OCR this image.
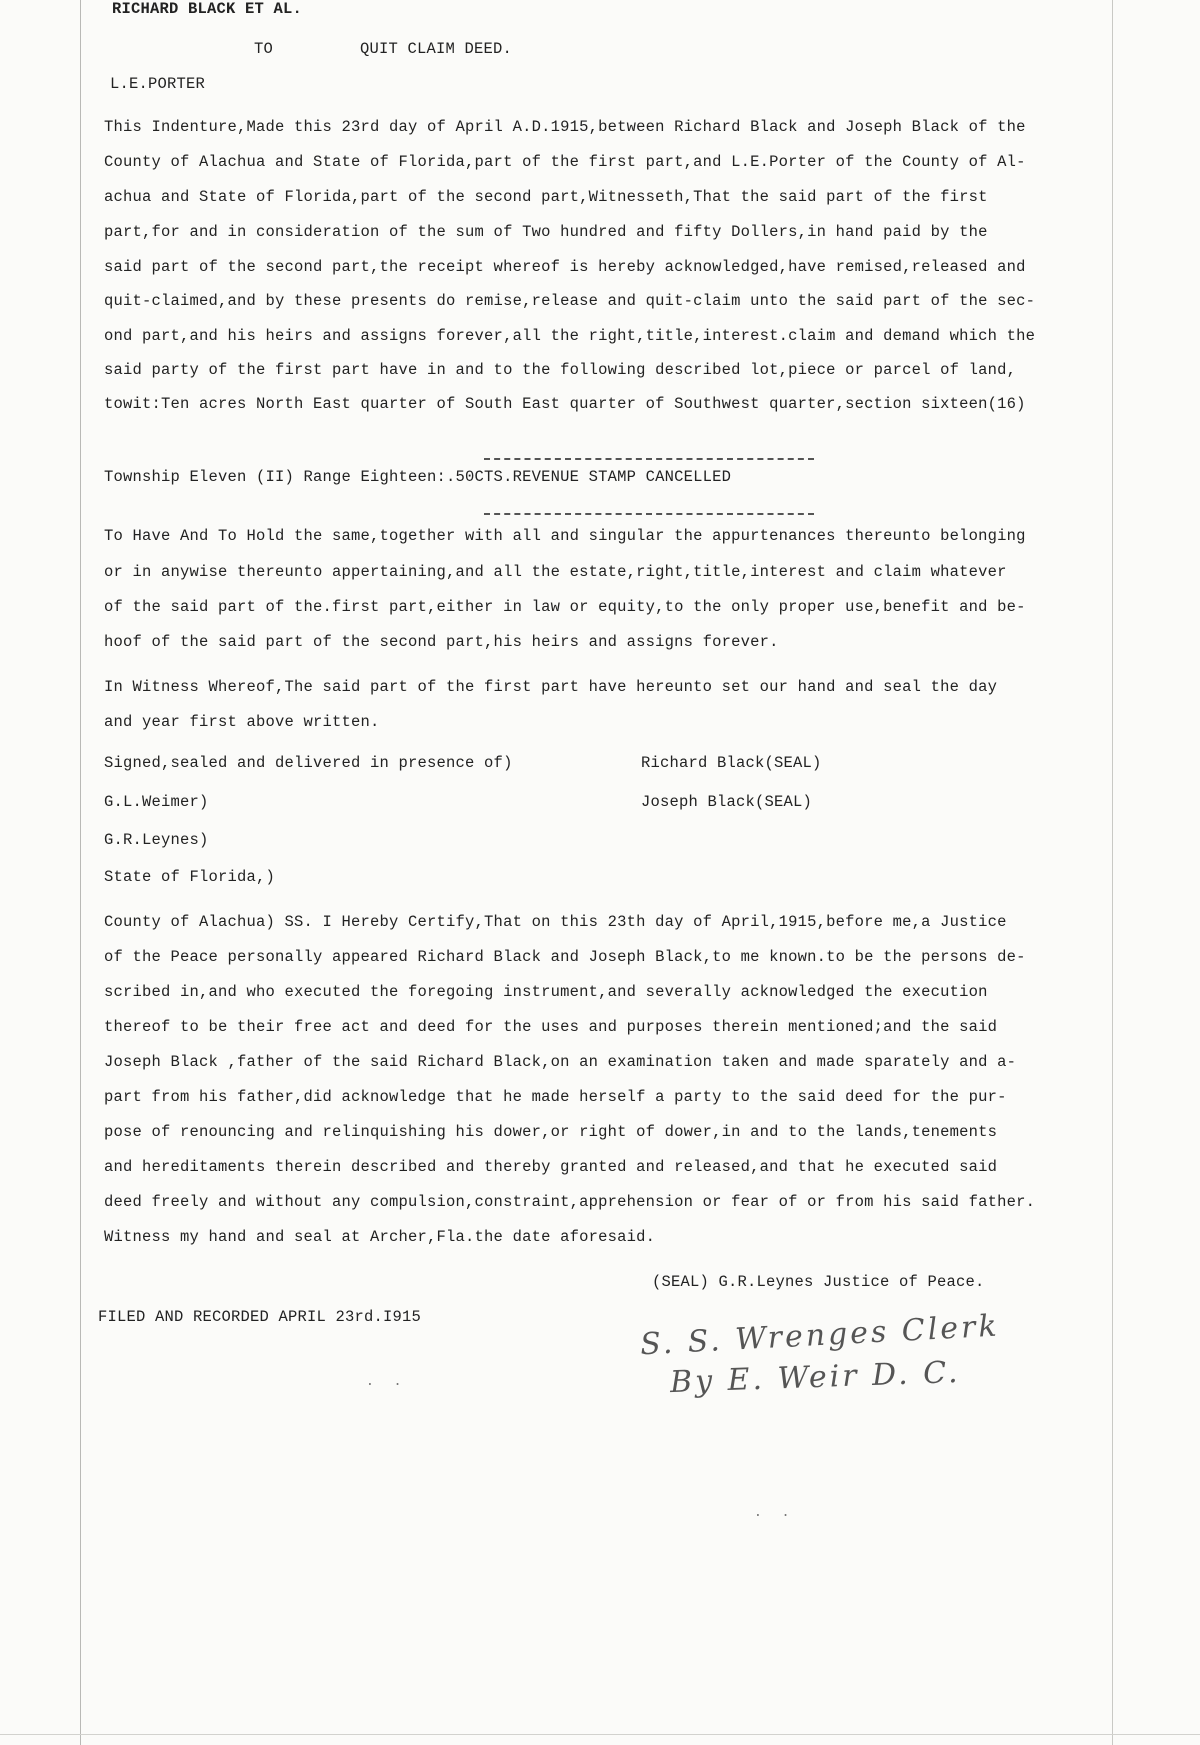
RICHARD BLACK ET AL.
TO	QUIT CLAIM DEED.
L.E.PORTER
This Indenture,Made this 23rd day of April A.D.1915,between Richard Black and Joseph Black of the
County of Alachua and State of Florida,part of the first part,and L.E.Porter of the County of Al-
achua and State of Florida,part of the second part,Witnesseth,That the said part of the first
part,for and in consideration of the sum of Two hundred and fifty Dollers,in hand paid by the
said part of the second part,the receipt whereof is hereby acknowledged,have remised,released and
quit-claimed,and by these presents do remise,release and quit-claim unto the said part of the sec-
ond part,and his heirs and assigns forever,all the right,title,interest.claim and demand which the
said party of the first part have in and to the following described lot,piece or parcel of land,
towit:Ten acres North East quarter of South East quarter of Southwest quarter,section sixteen(16)
Township Eleven (II) Range Eighteen:.50CTS.REVENUE STAMP CANCELLED
To Have And To Hold the same,together with all and singular the appurtenances thereunto belonging
or in anywise thereunto appertaining,and all the estate,right,title,interest and claim whatever
of the said part of the.first part,either in law or equity,to the only proper use,benefit and be-
hoof of the said part of the second part,his heirs and assigns forever.
In Witness Whereof,The said part of the first part have hereunto set our hand and seal the day
and year first above written.
Signed,sealed and delivered in presence of)	Richard Black(SEAL)
G.L.Weimer)	Joseph Black(SEAL)
G.R.Leynes)
State of Florida,)
County of Alachua) SS. I Hereby Certify,That on this 23th day of April,1915,before me,a Justice
of the Peace personally appeared Richard Black and Joseph Black,to me known.to be the persons de-
scribed in,and who executed the foregoing instrument,and severally acknowledged the execution
thereof to be their free act and deed for the uses and purposes therein mentioned;and the said
Joseph Black ,father of the said Richard Black,on an examination taken and made sparately and a-
part from his father,did acknowledge that he made herself a party to the said deed for the pur-
pose of renouncing and relinquishing his dower,or right of dower,in and to the lands,tenements
and hereditaments therein described and thereby granted and released,and that he executed said
deed freely and without any compulsion,constraint,apprehension or fear of or from his said father.
Witness my hand and seal at Archer,Fla.the date aforesaid.
(SEAL) G.R.Leynes Justice of Peace.
FILED AND RECORDED APRIL 23rd.I915	S. S. Wrenges Clerk
By E. Weir D. C.
. .
. .
